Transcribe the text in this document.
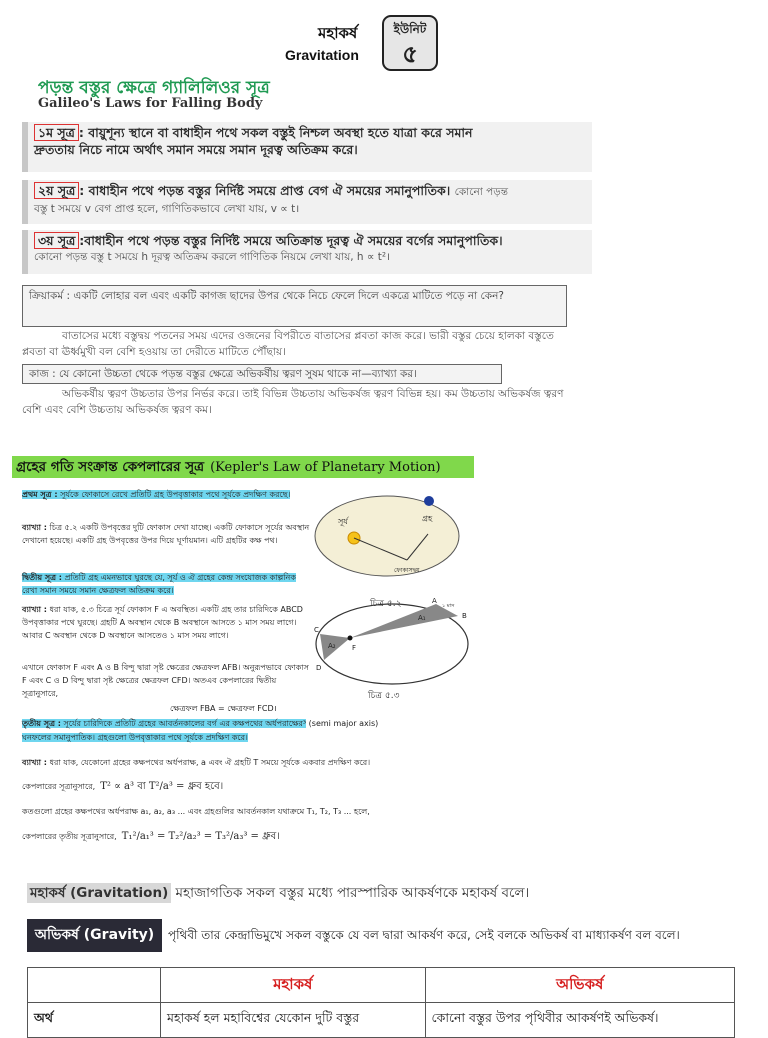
মহাকর্ষ
Gravitation
ইউনিট
৫
পড়ন্ত বস্তুর ক্ষেত্রে গ্যালিলিওর সূত্র
Galileo's Laws for Falling Body
১ম সূত্র : বায়ুশূন্য স্থানে বা বাধাহীন পথে সকল বস্তুই নিশ্চল অবস্থা হতে যাত্রা করে সমান
দ্রুততায় নিচে নামে অর্থাৎ সমান সময়ে সমান দূরত্ব অতিক্রম করে।
২য় সূত্র : বাধাহীন পথে পড়ন্ত বস্তুর নির্দিষ্ট সময়ে প্রাপ্ত বেগ ঐ সময়ের সমানুপাতিক। কোনো পড়ন্ত
বস্তু t সময়ে v বেগ প্রাপ্ত হলে, গাণিতিকভাবে লেখা যায়, v ∝ t।
৩য় সূত্র :বাধাহীন পথে পড়ন্ত বস্তুর নির্দিষ্ট সময়ে অতিক্রান্ত দূরত্ব ঐ সময়ের বর্গের সমানুপাতিক।
কোনো পড়ন্ত বস্তু t সময়ে h দূরত্ব অতিক্রম করলে গাণিতিক নিয়মে লেখা যায়, h ∝ t²।
ক্রিয়াকর্ম : একটি লোহার বল এবং একটি কাগজ ছাদের উপর থেকে নিচে ফেলে দিলে একত্রে মাটিতে পড়ে না কেন?
বাতাসের মধ্যে বস্তুদ্বয় পতনের সময় এদের ওজনের বিপরীতে বাতাসের প্লবতা কাজ করে। ভারী বস্তুর চেয়ে হালকা বস্তুতে প্লবতা বা ঊর্ধ্বমুখী বল বেশি হওয়ায় তা দেরীতে মাটিতে পৌঁছায়।
কাজ : যে কোনো উচ্চতা থেকে পড়ন্ত বস্তুর ক্ষেত্রে অভিকর্ষীয় ত্বরণ সুষম থাকে না—ব্যাখ্যা কর।
অভিকর্ষীয় ত্বরণ উচ্চতার উপর নির্ভর করে। তাই বিভিন্ন উচ্চতায় অভিকর্ষজ ত্বরণ বিভিন্ন হয়। কম উচ্চতায় অভিকর্ষজ ত্বরণ বেশি এবং বেশি উচ্চতায় অভিকর্ষজ ত্বরণ কম।
গ্রহের গতি সংক্রান্ত কেপলারের সূত্র (Kepler's Law of Planetary Motion)
প্রথম সূত্র : সূর্যকে ফোকাসে রেখে প্রতিটি গ্রহ উপবৃত্তাকার পথে সূর্যকে প্রদক্ষিণ করছে।
ব্যাখ্যা : চিত্র ৫.২ একটি উপবৃত্তের দুটি ফোকাস দেখা যাচ্ছে। একটি ফোকাসে সূর্যের অবস্থান দেখানো হয়েছে। একটি গ্রহ উপবৃত্তের উপর দিয়ে ঘূর্ণায়মান। এটি গ্রহটির কক্ষ পথ।
দ্বিতীয় সূত্র : প্রতিটি গ্রহ এমনভাবে ঘুরছে যে, সূর্য ও ঐ গ্রহের কেন্দ্র সংযোজক কাল্পনিক রেখা সমান সময়ে সমান ক্ষেত্রফল অতিক্রম করে।
ব্যাখ্যা : ধরা যাক, ৫.৩ চিত্রে সূর্য ফোকাস F এ অবস্থিত। একটি গ্রহ তার চারিদিকে ABCD উপবৃত্তাকার পথে ঘুরছে। গ্রহটি A অবস্থান থেকে B অবস্থানে আসতে ১ মাস সময় লাগে। আবার C অবস্থান থেকে D অবস্থানে আসতেও ১ মাস সময় লাগে।
এখানে ফোকাস F এবং A ও B বিন্দু দ্বারা সৃষ্ট ক্ষেত্রের ক্ষেত্রফল AFB। অনুরূপভাবে ফোকাস F এবং C ও D বিন্দু দ্বারা সৃষ্ট ক্ষেত্রের ক্ষেত্রফল CFD। অতএব কেপলারের দ্বিতীয় সূত্রানুসারে,
ক্ষেত্রফল FBA = ক্ষেত্রফল FCD।
তৃতীয় সূত্র : সূর্যের চারিদিকে প্রতিটি গ্রহের আবর্তনকালের বর্গ এর কক্ষপথের অর্ধপরাক্ষের³ (semi major axis)
ঘনফলের সমানুপাতিক। গ্রহগুলো উপবৃত্তাকার পথে সূর্যকে প্রদক্ষিণ করে।
ব্যাখ্যা : ধরা যাক, যেকোনো গ্রহের কক্ষপথের অর্ধপরাক্ষ, a এবং ঐ গ্রহটি T সময়ে সূর্যকে একবার প্রদক্ষিণ করে।
কেপলারের সূত্রানুসারে, T² ∝ a³ বা T²/a³ = ধ্রুব হবে।
কতগুলো গ্রহের কক্ষপথের অর্ধপরাক্ষ a₁, a₂, a₃ ... এবং গ্রহগুলির আবর্তনকাল যথাক্রমে T₁, T₂, T₃ ... হলে,
কেপলারের তৃতীয় সূত্রানুসারে, T₁²/a₁³ = T₂²/a₂³ = T₃²/a₃³ = ধ্রুব।
সূর্য	গ্রহ
ফোকাসদ্বয়
চিত্র ৫.২	A
B
C
D
F
A₁
A₂
১ মাস
চিত্র ৫.৩
মহাকর্ষ (Gravitation) মহাজাগতিক সকল বস্তুর মধ্যে পারস্পারিক আকর্ষণকে মহাকর্ষ বলে।
অভিকর্ষ (Gravity)	পৃথিবী তার কেন্দ্রাভিমুখে সকল বস্তুকে যে বল দ্বারা আকর্ষণ করে, সেই বলকে অভিকর্ষ বা মাধ্যাকর্ষণ বল বলে।
	মহাকর্ষ	অভিকর্ষ
অর্থ	মহাকর্ষ হল মহাবিশ্বের যেকোন দুটি বস্তুর	কোনো বস্তুর উপর পৃথিবীর আকর্ষণই অভিকর্ষ।
